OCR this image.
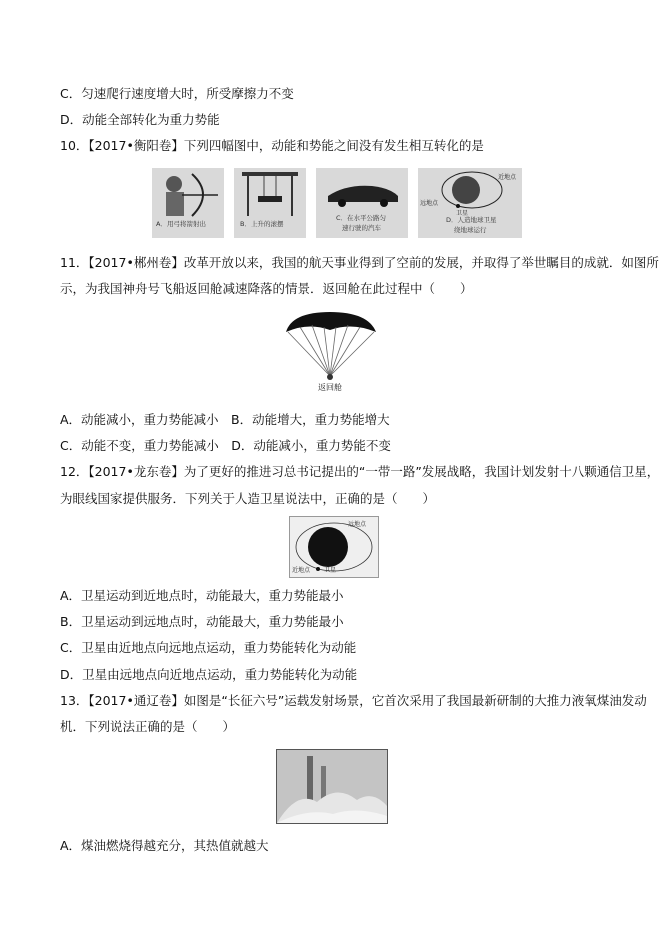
C．匀速爬行速度增大时，所受摩擦力不变
D．动能全部转化为重力势能
10．【2017•衡阳卷】下列四幅图中，动能和势能之间没有发生相互转化的是
A．用弓将箭射出	B．上升的滚摆
C．在水平公路匀
速行驶的汽车
近地点
远地点
卫星
D．人造地球卫星
绕地球运行
11．【2017•郴州卷】改革开放以来，我国的航天事业得到了空前的发展，并取得了举世瞩目的成就．如图所
示，为我国神舟号飞船返回舱减速降落的情景．返回舱在此过程中（　　）
返回舱
A．动能减小，重力势能减小　B．动能增大，重力势能增大
C．动能不变，重力势能减小　D．动能减小，重力势能不变
12．【2017•龙东卷】为了更好的推进习总书记提出的“一带一路”发展战略，我国计划发射十八颗通信卫星，
为眼线国家提供服务．下列关于人造卫星说法中，正确的是（　　）
远地点
近地点 卫星
A．卫星运动到近地点时，动能最大，重力势能最小
B．卫星运动到远地点时，动能最大，重力势能最小
C．卫星由近地点向远地点运动，重力势能转化为动能
D．卫星由远地点向近地点运动，重力势能转化为动能
13．【2017•通辽卷】如图是“长征六号”运载发射场景，它首次采用了我国最新研制的大推力液氧煤油发动
机．下列说法正确的是（　　）
A．煤油燃烧得越充分，其热值就越大
